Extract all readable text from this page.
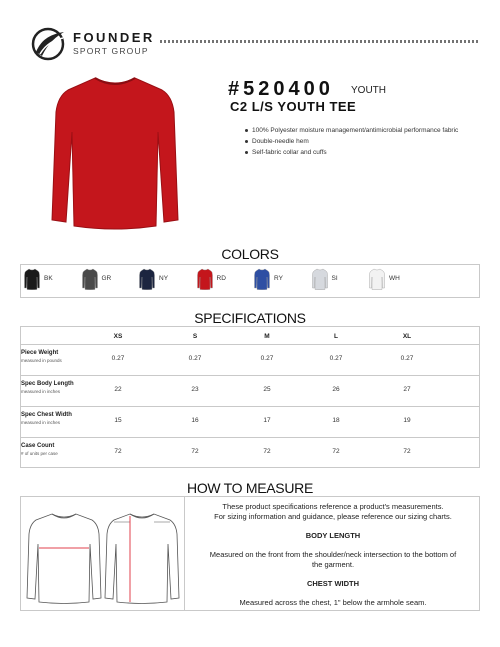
FOUNDER
SPORT GROUP
#520400 YOUTH
C2 L/S YOUTH TEE
100% Polyester moisture management/antimicrobial performance fabric
Double-needle hem
Self-fabric collar and cuffs
COLORS
BK	GR	NY	RD	RY	SI	WH
SPECIFICATIONS
XS	S	M	L	XL
Piece Weight
measured in pounds	0.27	0.27	0.27	0.27	0.27
Spec Body Length
measured in inches	22	23	25	26	27
Spec Chest Width
measured in inches	15	16	17	18	19
Case Count
# of units per case	72	72	72	72	72
HOW TO MEASURE
These product specifications reference a product's measurements.
For sizing information and guidance, please reference our sizing charts.
BODY LENGTH
Measured on the front from the shoulder/neck intersection to the bottom of
the garment.
CHEST WIDTH
Measured across the chest, 1" below the armhole seam.
